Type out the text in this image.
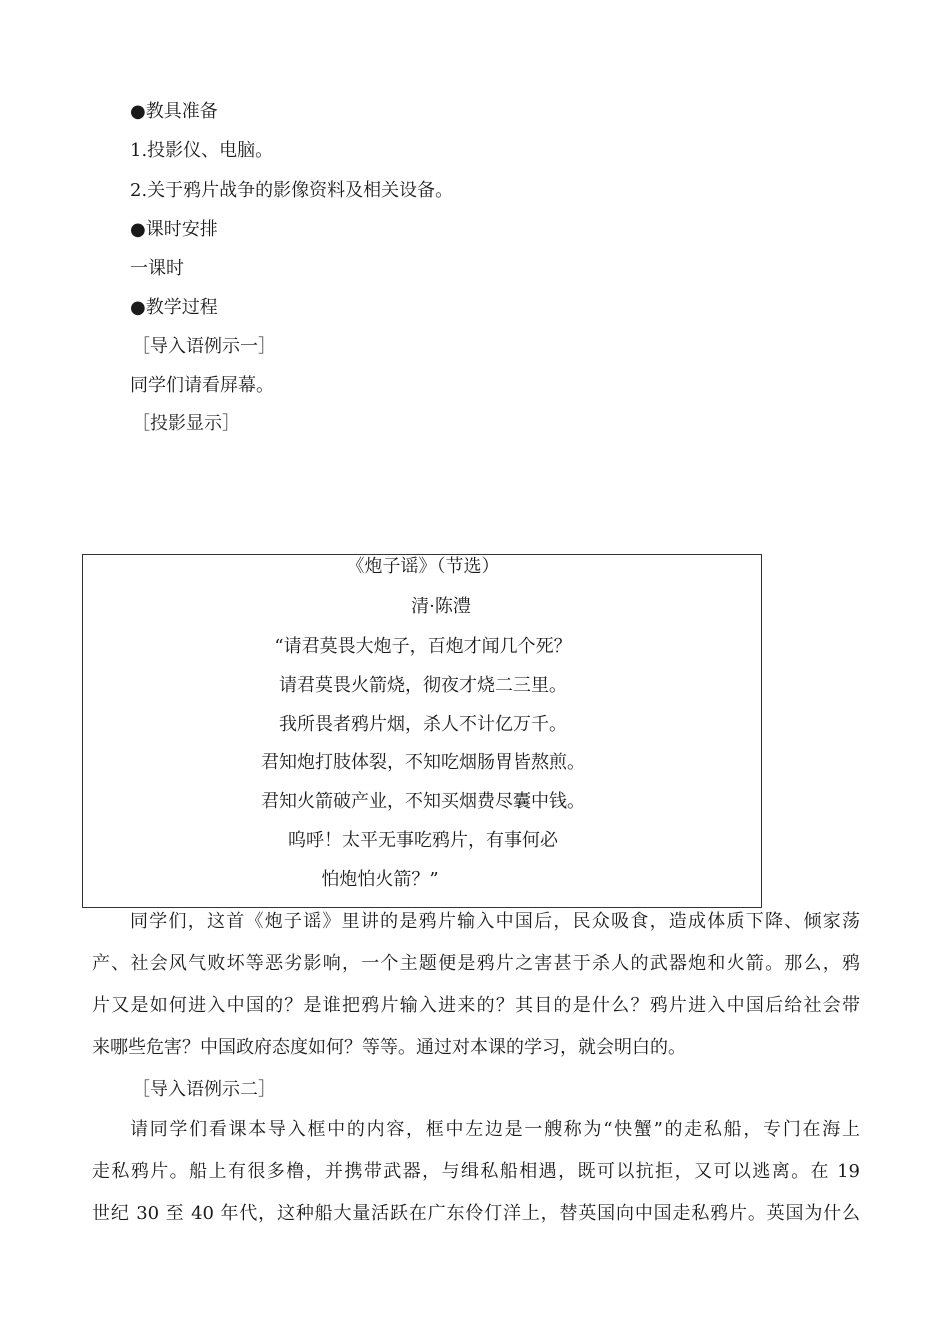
●教具准备
1.投影仪、电脑。
2.关于鸦片战争的影像资料及相关设备。
●课时安排
一课时
●教学过程
［导入语例示一］
同学们请看屏幕。
［投影显示］
《炮子谣》（节选）
清·陈澧
“请君莫畏大炮子，百炮才闻几个死？
请君莫畏火箭烧，彻夜才烧二三里。
我所畏者鸦片烟，杀人不计亿万千。
君知炮打肢体裂，不知吃烟肠胃皆熬煎。
君知火箭破产业，不知买烟费尽囊中钱。
呜呼！太平无事吃鸦片，有事何必
怕炮怕火箭？”

同学们，这首《炮子谣》里讲的是鸦片输入中国后，民众吸食，造成体质下降、倾家荡

产、社会风气败坏等恶劣影响，一个主题便是鸦片之害甚于杀人的武器炮和火箭。那么，鸦

片又是如何进入中国的？是谁把鸦片输入进来的？其目的是什么？鸦片进入中国后给社会带

来哪些危害？中国政府态度如何？等等。通过对本课的学习，就会明白的。

［导入语例示二］

请同学们看课本导入框中的内容，框中左边是一艘称为“快蟹”的走私船，专门在海上

走私鸦片。船上有很多橹，并携带武器，与缉私船相遇，既可以抗拒，又可以逃离。在 19

世纪 30 至 40 年代，这种船大量活跃在广东伶仃洋上，替英国向中国走私鸦片。英国为什么
